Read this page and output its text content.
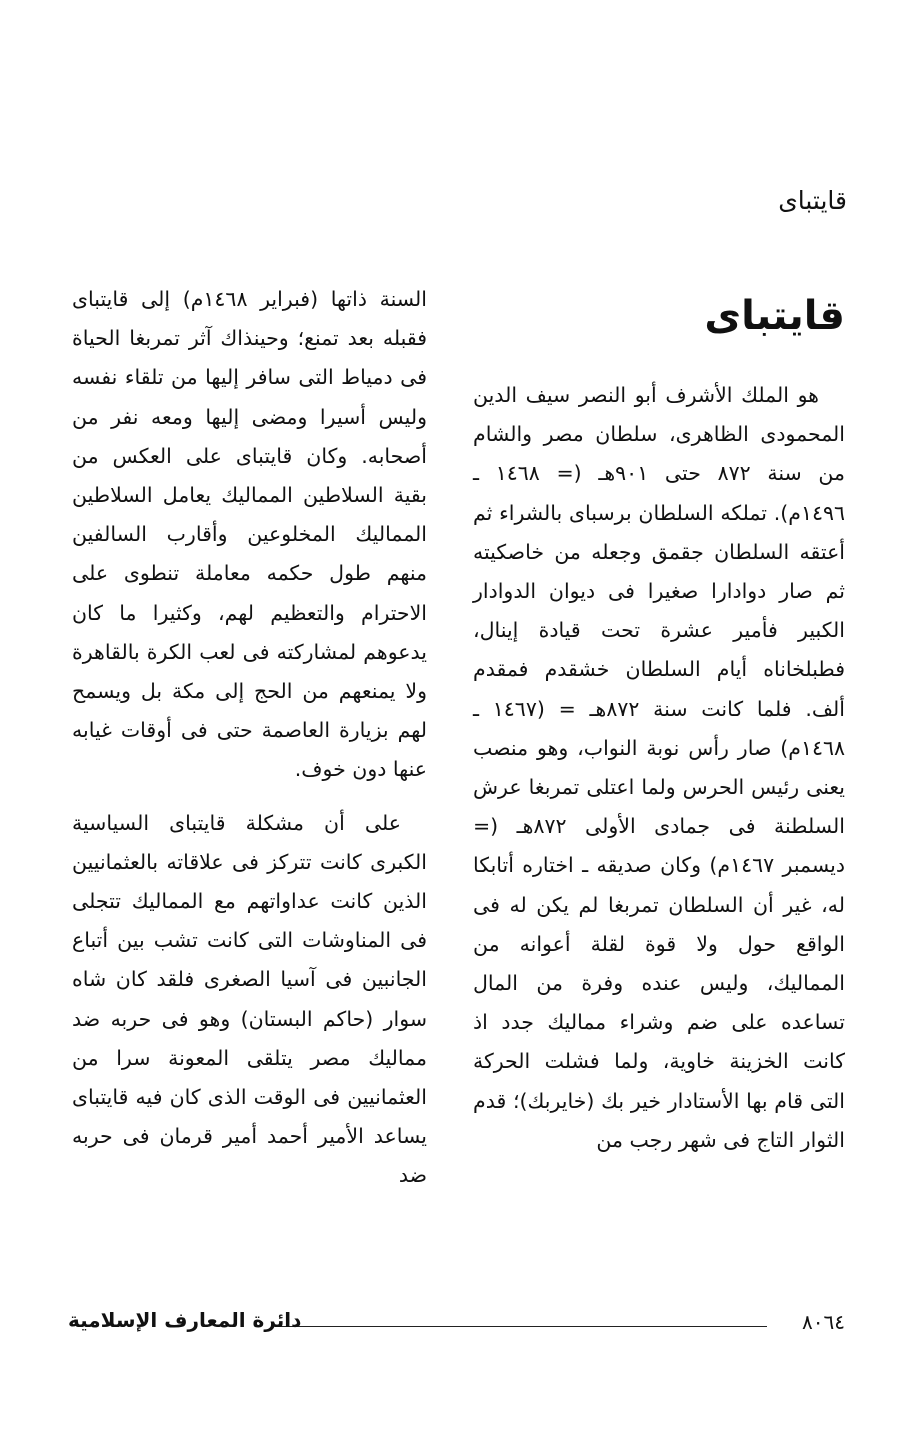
قايتباى
قايتباى

هو الملك الأشرف أبو النصر سيف الدين المحمودى الظاهرى، سلطان مصر والشام من سنة ٨٧٢ حتى ٩٠١هـ (= ١٤٦٨ ـ ١٤٩٦م). تملكه السلطان برسباى بالشراء ثم أعتقه السلطان جقمق وجعله من خاصكيته ثم صار دوادارا صغيرا فى ديوان الدوادار الكبير فأمير عشرة تحت قيادة إينال، فطبلخاناه أيام السلطان خشقدم فمقدم ألف. فلما كانت سنة ٨٧٢هـ = (١٤٦٧ ـ ١٤٦٨م) صار رأس نوبة النواب، وهو منصب يعنى رئيس الحرس ولما اعتلى تمربغا عرش السلطنة فى جمادى الأولى ٨٧٢هـ (= ديسمبر ١٤٦٧م) وكان صديقه ـ اختاره أتابكا له، غير أن السلطان تمربغا لم يكن له فى الواقع حول ولا قوة لقلة أعوانه من المماليك، وليس عنده وفرة من المال تساعده على ضم وشراء مماليك جدد اذ كانت الخزينة خاوية، ولما فشلت الحركة التى قام بها الأستادار خير بك (خايربك)؛ قدم الثوار التاج فى شهر رجب من

السنة ذاتها (فبراير ١٤٦٨م) إلى قايتباى فقبله بعد تمنع؛ وحينذاك آثر تمربغا الحياة فى دمياط التى سافر إليها من تلقاء نفسه وليس أسيرا ومضى إليها ومعه نفر من أصحابه. وكان قايتباى على العكس من بقية السلاطين المماليك يعامل السلاطين المماليك المخلوعين وأقارب السالفين منهم طول حكمه معاملة تنطوى على الاحترام والتعظيم لهم، وكثيرا ما كان يدعوهم لمشاركته فى لعب الكرة بالقاهرة ولا يمنعهم من الحج إلى مكة بل ويسمح لهم بزيارة العاصمة حتى فى أوقات غيابه عنها دون خوف.

على أن مشكلة قايتباى السياسية الكبرى كانت تتركز فى علاقاته بالعثمانيين الذين كانت عداواتهم مع المماليك تتجلى فى المناوشات التى كانت تشب بين أتباع الجانبين فى آسيا الصغرى فلقد كان شاه سوار (حاكم البستان) وهو فى حربه ضد مماليك مصر يتلقى المعونة سرا من العثمانيين فى الوقت الذى كان فيه قايتباى يساعد الأمير أحمد أمير قرمان فى حربه ضد

٨٠٦٤
دائرة المعارف الإسلامية
